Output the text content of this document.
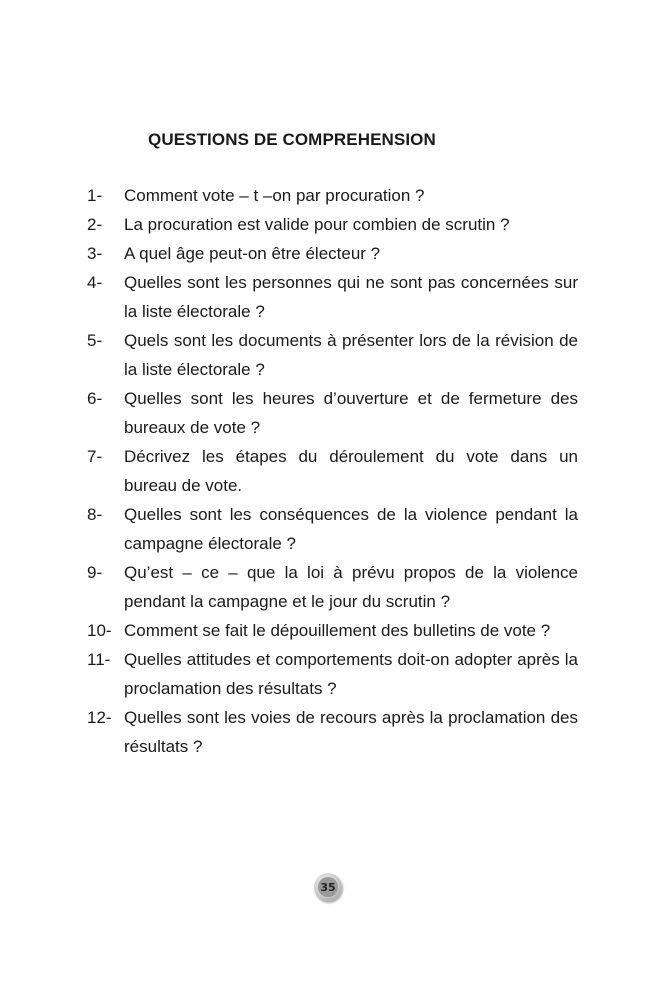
QUESTIONS DE COMPREHENSION
1-	Comment vote – t –on par procuration ?
2-	La procuration est valide pour combien de scrutin ?
3-	A quel âge peut-on être électeur ?
4-	Quelles sont les personnes qui ne sont pas concernées sur la liste électorale ?
5-	Quels sont les documents à présenter lors de la révision de la liste électorale ?
6-	Quelles sont les heures d’ouverture et de fermeture des bureaux de vote ?
7-	Décrivez les étapes du déroulement du vote dans un bureau de vote.
8-	Quelles sont les conséquences de la violence pendant la campagne électorale ?
9-	Qu’est – ce – que la loi à prévu propos de la violence pendant la campagne et le jour du scrutin ?
10- Comment se fait le dépouillement des bulletins de vote ?
11- Quelles attitudes et comportements doit-on adopter après la proclamation des résultats ?
12- Quelles sont les voies de recours après la proclamation des résultats ?
35
